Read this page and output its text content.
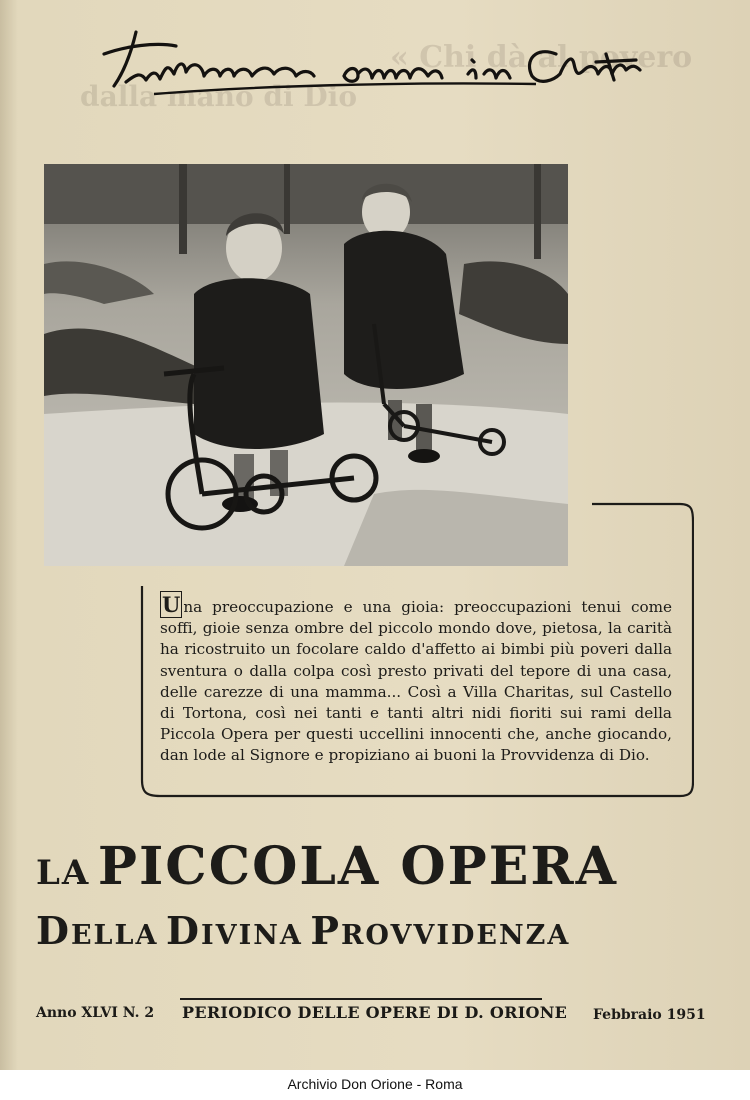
« Chi dà al povero
dalla mano di Dio
U na preoccupazione e una gioia: preoccupazioni tenui come soffi, gioie senza ombre del piccolo mondo dove, pietosa, la carità ha ricostruito un focolare caldo d'affetto ai bimbi più poveri dalla sventura o dalla colpa così presto privati del tepore di una casa, delle carezze di una mamma... Così a Villa Charitas, sul Castello di Tortona, così nei tanti e tanti altri nidi fioriti sui rami della Piccola Opera per questi uccellini innocenti che, anche giocando, dan lode al Signore e propiziano ai buoni la Provvidenza di Dio.
LA PICCOLA OPERA
DELLA DIVINA PROVVIDENZA
Anno XLVI N. 2 PERIODICO DELLE OPERE DI D. ORIONE Febbraio 1951
Archivio Don Orione - Roma
